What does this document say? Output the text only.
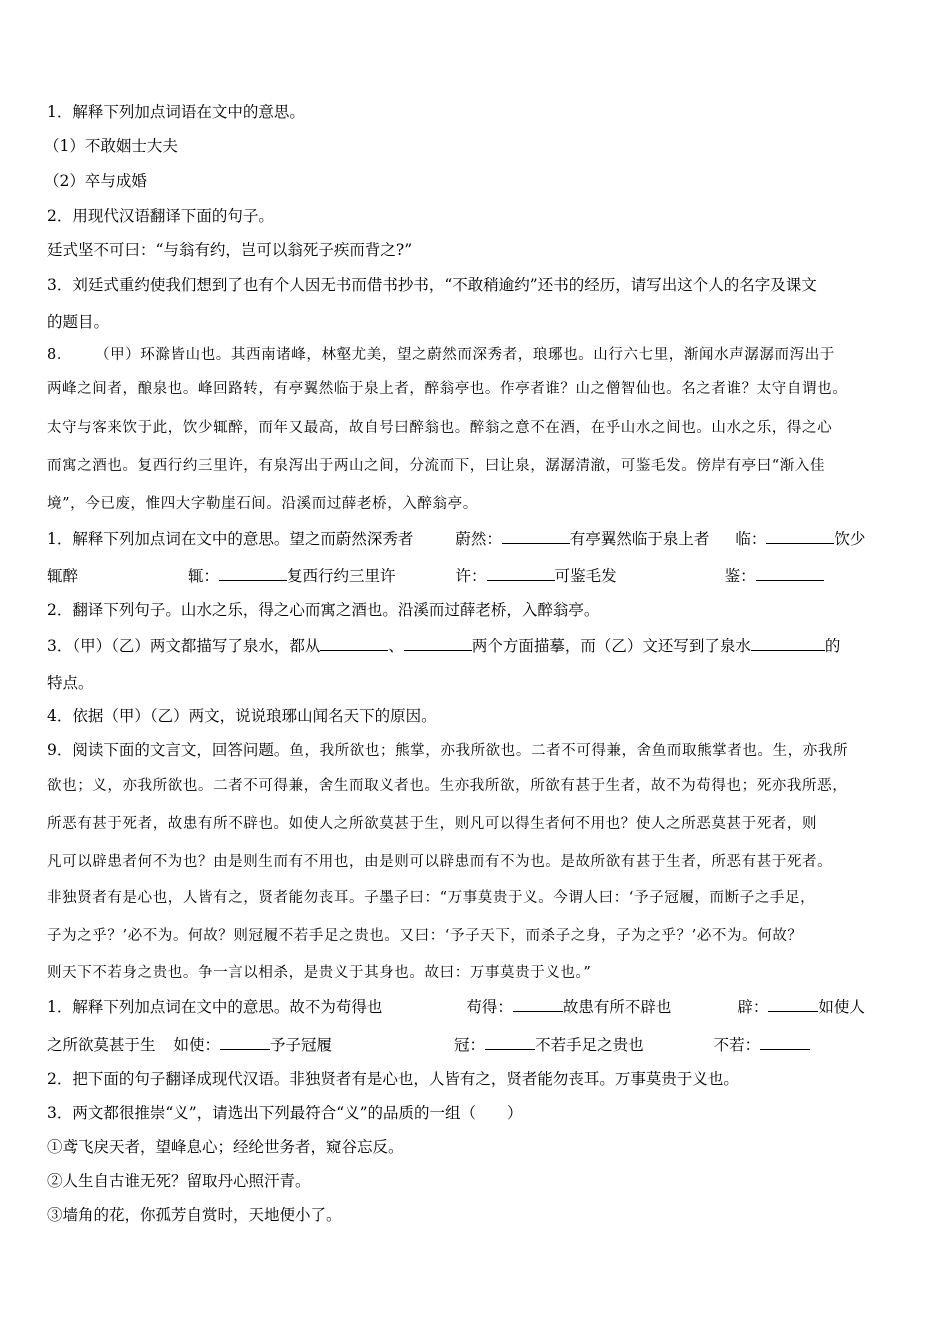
1．解释下列加点词语在文中的意思。
（1）不敢姻士大夫
（2）卒与成婚
2．用现代汉语翻译下面的句子。
廷式坚不可曰：“与翁有约，岂可以翁死子疾而背之?”
3．刘廷式重约使我们想到了也有个人因无书而借书抄书，“不敢稍逾约”还书的经历，请写出这个人的名字及课文
的题目。
8． （甲）环滁皆山也。其西南诸峰，林壑尤美，望之蔚然而深秀者，琅琊也。山行六七里，渐闻水声潺潺而泻出于
两峰之间者，酿泉也。峰回路转，有亭翼然临于泉上者，醉翁亭也。作亭者谁？山之僧智仙也。名之者谁？太守自谓也。
太守与客来饮于此，饮少辄醉，而年又最高，故自号曰醉翁也。醉翁之意不在酒，在乎山水之间也。山水之乐，得之心
而寓之酒也。复西行约三里许，有泉泻出于两山之间，分流而下，曰让泉，潺潺清澈，可鉴毛发。傍岸有亭曰“渐入佳
境”，今已废，惟四大字勒崖石间。沿溪而过薛老桥，入醉翁亭。
1．解释下列加点词在文中的意思。望之而蔚然深秀者	蔚然：	有亭翼然临于泉上者 临：	饮少
辄醉	辄：	复西行约三里许	许：	可鉴毛发	鉴：
2．翻译下列句子。山水之乐，得之心而寓之酒也。沿溪而过薛老桥，入醉翁亭。
3．（甲）（乙）两文都描写了泉水，都从	、	两个方面描摹，而（乙）文还写到了泉水	的
特点。
4．依据（甲）（乙）两文，说说琅琊山闻名天下的原因。
9．阅读下面的文言文，回答问题。鱼，我所欲也；熊掌，亦我所欲也。二者不可得兼，舍鱼而取熊掌者也。生，亦我所
欲也；义，亦我所欲也。二者不可得兼，舍生而取义者也。生亦我所欲，所欲有甚于生者，故不为苟得也；死亦我所恶，
所恶有甚于死者，故患有所不辟也。如使人之所欲莫甚于生，则凡可以得生者何不用也？使人之所恶莫甚于死者，则
凡可以辟患者何不为也？由是则生而有不用也，由是则可以辟患而有不为也。是故所欲有甚于生者，所恶有甚于死者。
非独贤者有是心也，人皆有之，贤者能勿丧耳。子墨子曰：“万事莫贵于义。今谓人曰：‘予子冠履，而断子之手足，
子为之乎？’必不为。何故？则冠履不若手足之贵也。又曰：‘予子天下，而杀子之身，子为之乎？’必不为。何故？
则天下不若身之贵也。争一言以相杀，是贵义于其身也。故曰：万事莫贵于义也。”
1．解释下列加点词在文中的意思。故不为苟得也	苟得：	故患有所不辟也	辟：	如使人
之所欲莫甚于生 如使：	予子冠履	冠：	不若手足之贵也	不若：
2．把下面的句子翻译成现代汉语。非独贤者有是心也，人皆有之，贤者能勿丧耳。万事莫贵于义也。
3．两文都很推崇“义”，请选出下列最符合“义”的品质的一组（　　）
①鸢飞戾天者，望峰息心；经纶世务者，窥谷忘反。
②人生自古谁无死？留取丹心照汗青。
③墙角的花，你孤芳自赏时，天地便小了。
